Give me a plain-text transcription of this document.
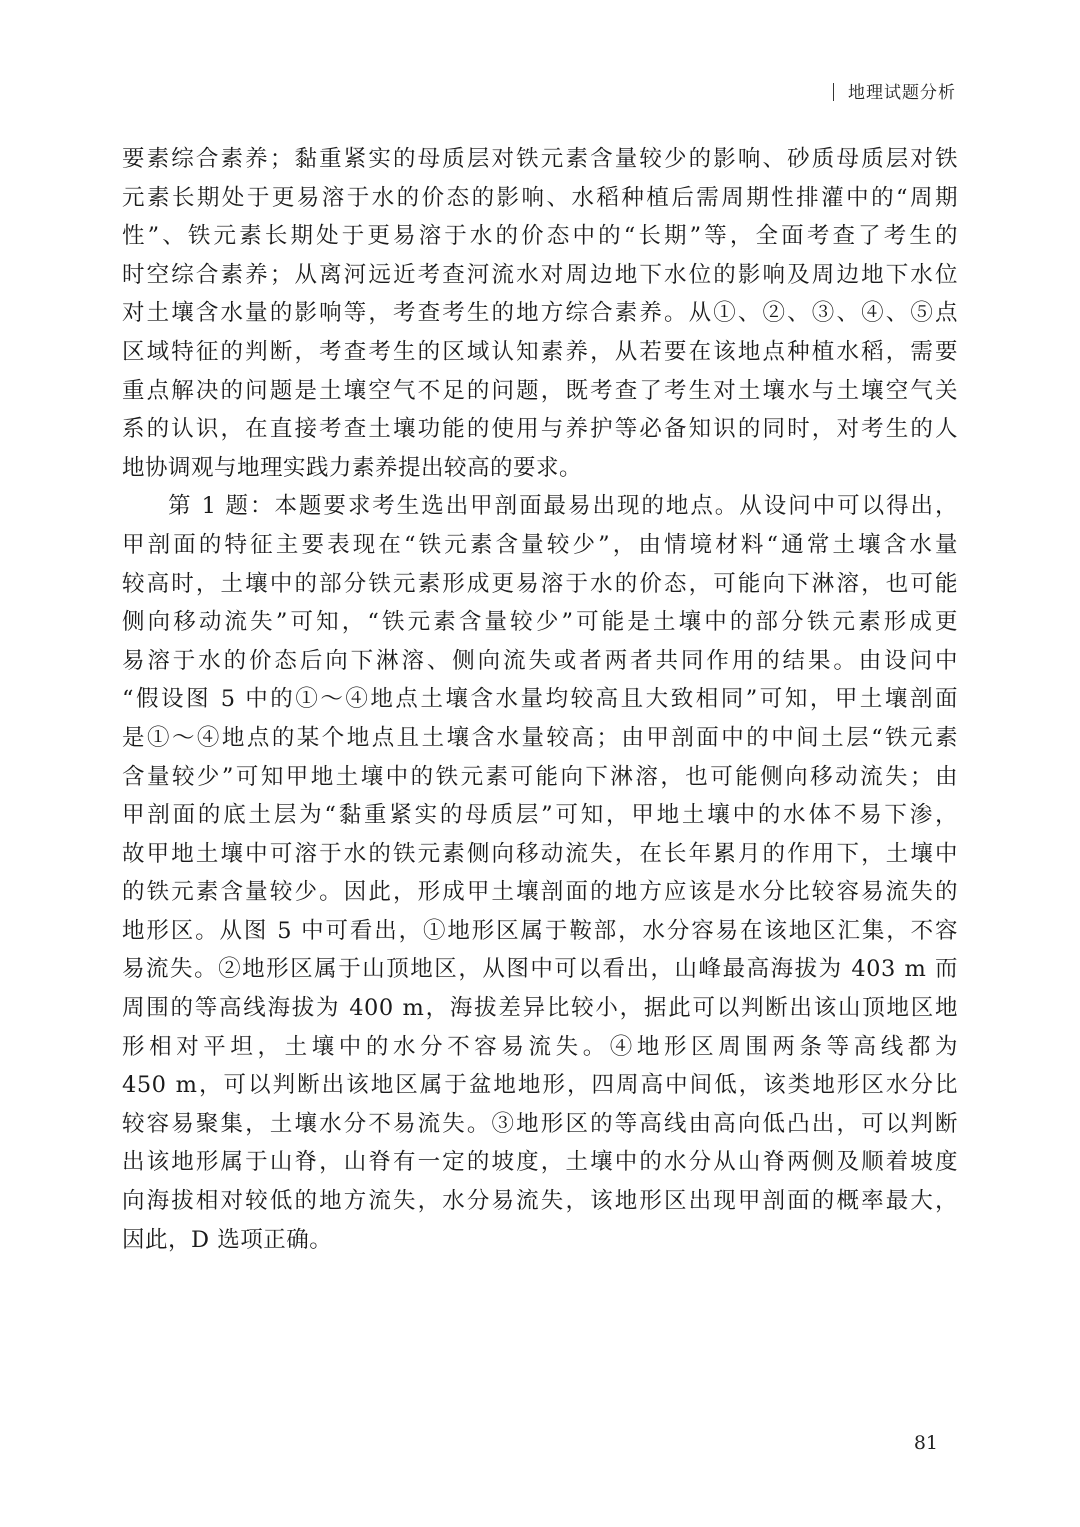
地理试题分析
要素综合素养；黏重紧实的母质层对铁元素含量较少的影响、砂质母质层对铁
元素长期处于更易溶于水的价态的影响、水稻种植后需周期性排灌中的“周期
性”、铁元素长期处于更易溶于水的价态中的“长期”等，全面考查了考生的
时空综合素养；从离河远近考查河流水对周边地下水位的影响及周边地下水位
对土壤含水量的影响等，考查考生的地方综合素养。从①、②、③、④、⑤点
区域特征的判断，考查考生的区域认知素养，从若要在该地点种植水稻，需要
重点解决的问题是土壤空气不足的问题，既考查了考生对土壤水与土壤空气关
系的认识，在直接考查土壤功能的使用与养护等必备知识的同时，对考生的人
地协调观与地理实践力素养提出较高的要求。
第 1 题：本题要求考生选出甲剖面最易出现的地点。从设问中可以得出，
甲剖面的特征主要表现在“铁元素含量较少”，由情境材料“通常土壤含水量
较高时，土壤中的部分铁元素形成更易溶于水的价态，可能向下淋溶，也可能
侧向移动流失”可知，“铁元素含量较少”可能是土壤中的部分铁元素形成更
易溶于水的价态后向下淋溶、侧向流失或者两者共同作用的结果。由设问中
“假设图 5 中的①～④地点土壤含水量均较高且大致相同”可知，甲土壤剖面
是①～④地点的某个地点且土壤含水量较高；由甲剖面中的中间土层“铁元素
含量较少”可知甲地土壤中的铁元素可能向下淋溶，也可能侧向移动流失；由
甲剖面的底土层为“黏重紧实的母质层”可知，甲地土壤中的水体不易下渗，
故甲地土壤中可溶于水的铁元素侧向移动流失，在长年累月的作用下，土壤中
的铁元素含量较少。因此，形成甲土壤剖面的地方应该是水分比较容易流失的
地形区。从图 5 中可看出，①地形区属于鞍部，水分容易在该地区汇集，不容
易流失。②地形区属于山顶地区，从图中可以看出，山峰最高海拔为 403 m 而
周围的等高线海拔为 400 m，海拔差异比较小，据此可以判断出该山顶地区地
形相对平坦，土壤中的水分不容易流失。④地形区周围两条等高线都为
450 m，可以判断出该地区属于盆地地形，四周高中间低，该类地形区水分比
较容易聚集，土壤水分不易流失。③地形区的等高线由高向低凸出，可以判断
出该地形属于山脊，山脊有一定的坡度，土壤中的水分从山脊两侧及顺着坡度
向海拔相对较低的地方流失，水分易流失，该地形区出现甲剖面的概率最大，
因此，D 选项正确。
81
